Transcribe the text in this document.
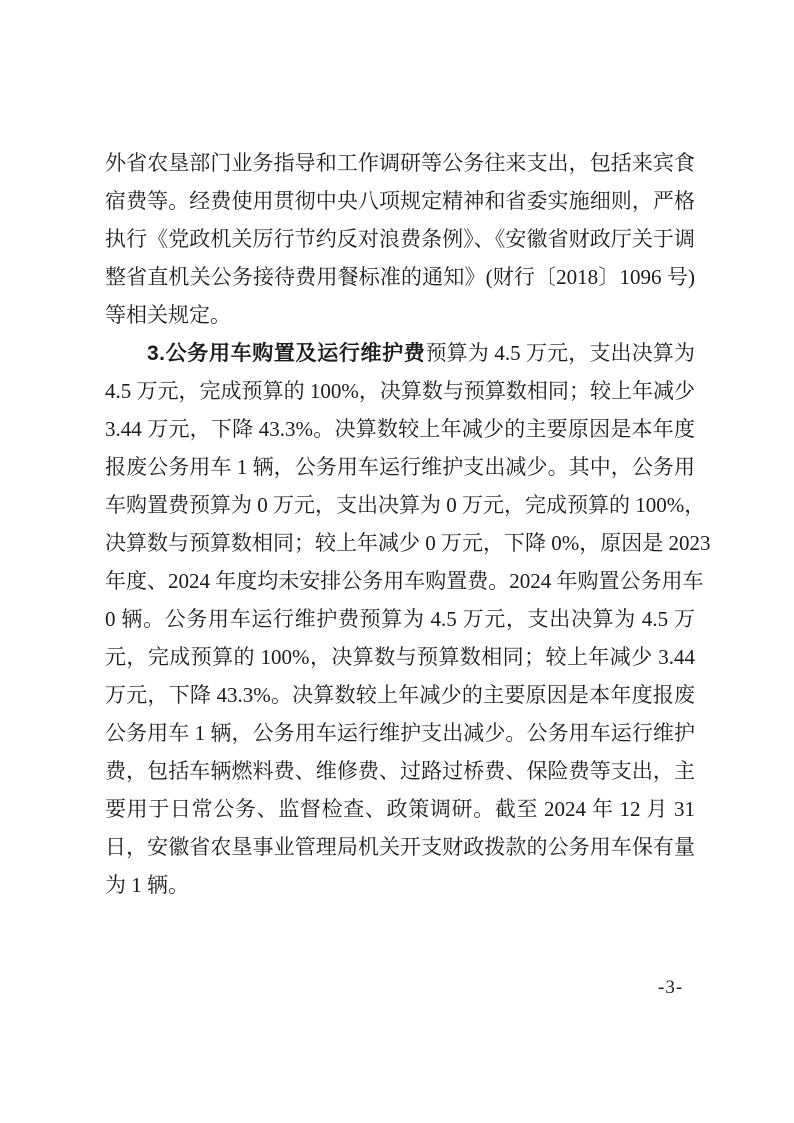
外省农垦部门业务指导和工作调研等公务往来支出，包括来宾食
宿费等。经费使用贯彻中央八项规定精神和省委实施细则，严格
执行《党政机关厉行节约反对浪费条例》、《安徽省财政厅关于调
整省直机关公务接待费用餐标准的通知》(财行〔2018〕1096 号)
等相关规定。
3.公务用车购置及运行维护费预算为 4.5 万元，支出决算为
4.5 万元，完成预算的 100%，决算数与预算数相同；较上年减少
3.44 万元，下降 43.3%。决算数较上年减少的主要原因是本年度
报废公务用车 1 辆，公务用车运行维护支出减少。其中，公务用
车购置费预算为 0 万元，支出决算为 0 万元，完成预算的 100%，
决算数与预算数相同；较上年减少 0 万元，下降 0%，原因是 2023
年度、2024 年度均未安排公务用车购置费。2024 年购置公务用车
0 辆。公务用车运行维护费预算为 4.5 万元，支出决算为 4.5 万
元，完成预算的 100%，决算数与预算数相同；较上年减少 3.44
万元，下降 43.3%。决算数较上年减少的主要原因是本年度报废
公务用车 1 辆，公务用车运行维护支出减少。公务用车运行维护
费，包括车辆燃料费、维修费、过路过桥费、保险费等支出，主
要用于日常公务、监督检查、政策调研。截至 2024 年 12 月 31
日，安徽省农垦事业管理局机关开支财政拨款的公务用车保有量
为 1 辆。
-3-
